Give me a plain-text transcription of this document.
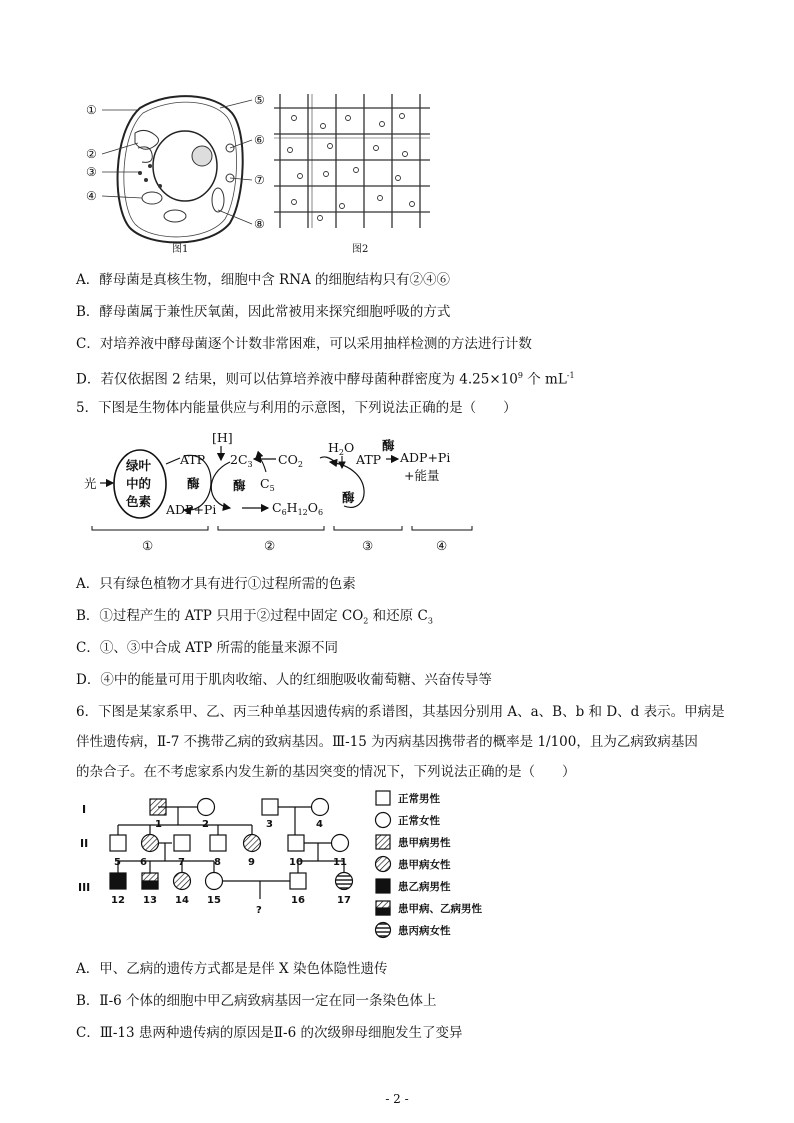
①
②
③
④
⑤
⑥
⑦
⑧
图1	图2
A．酵母菌是真核生物，细胞中含 RNA 的细胞结构只有②④⑥
B．酵母菌属于兼性厌氧菌，因此常被用来探究细胞呼吸的方式
C．对培养液中酵母菌逐个计数非常困难，可以采用抽样检测的方法进行计数
D．若仅依据图 2 结果，则可以估算培养液中酵母菌种群密度为 $4.25\times 10^9$ 个 $mL^{-1}$
5．下图是生物体内能量供应与利用的示意图，下列说法正确的是（　　）
光
绿叶
中的
色素
ATP
酶
ADP+Pi
[H]
$2C_3$
酶 $C_5$
$CO_2$
$C_6H_{12}O_6$
酶
$H_2O$
ATP
酶
ADP+Pi
+能量
①	②	③	④
A．只有绿色植物才具有进行①过程所需的色素
B．①过程产生的 ATP 只用于②过程中固定 $CO_2$ 和还原 $C_3$
C．①、③中合成 ATP 所需的能量来源不同
D．④中的能量可用于肌肉收缩、人的红细胞吸收葡萄糖、兴奋传导等
6．下图是某家系甲、乙、丙三种单基因遗传病的系谱图，其基因分别用 A、a、B、b 和 D、d 表示。甲病是
伴性遗传病，Ⅱ-7 不携带乙病的致病基因。Ⅲ-15 为丙病基因携带者的概率是 1/100，且为乙病致病基因
的杂合子。在不考虑家系内发生新的基因突变的情况下，下列说法正确的是（　　）
I
II
III
1	2	3	4
5 6	7	8	9	10	11
12 13 14 15	16	17
?
正常男性
正常女性
患甲病男性
患甲病女性
患乙病男性
患甲病、乙病男性
患丙病女性
A．甲、乙病的遗传方式都是是伴 X 染色体隐性遗传
B．Ⅱ-6 个体的细胞中甲乙病致病基因一定在同一条染色体上
C．Ⅲ-13 患两种遗传病的原因是Ⅱ-6 的次级卵母细胞发生了变异
- 2 -
